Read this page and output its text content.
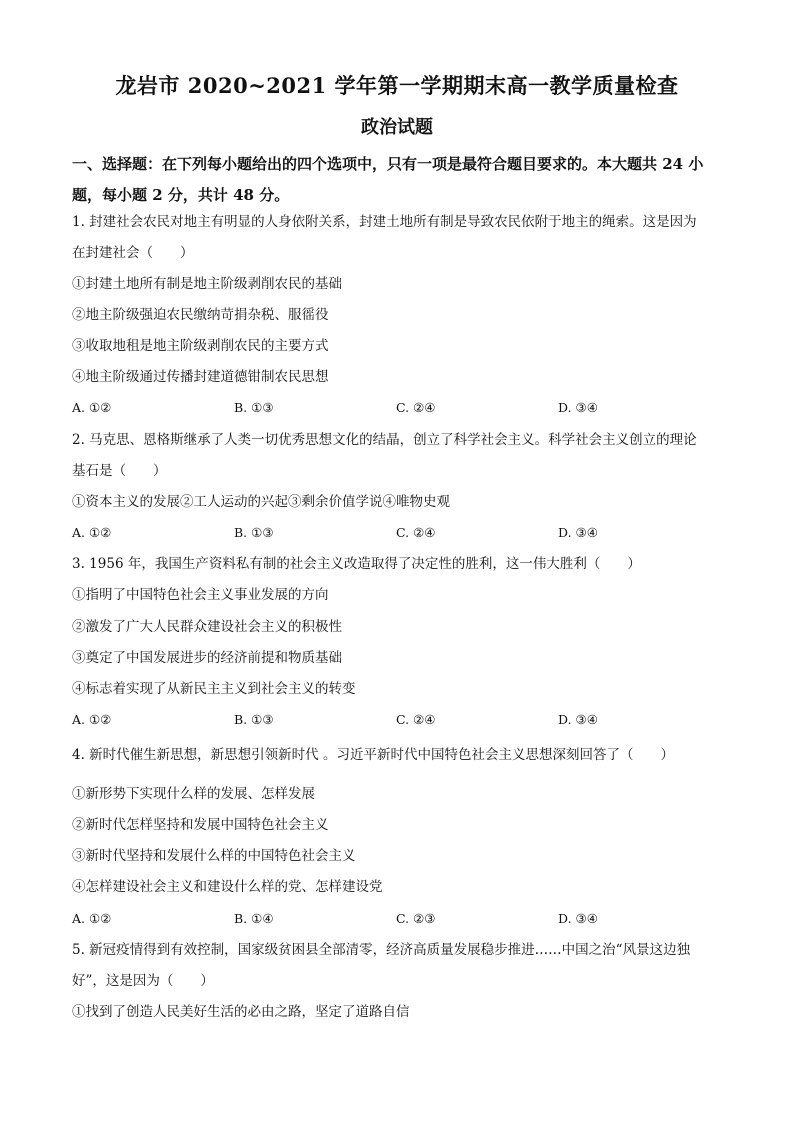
龙岩市 2020~2021 学年第一学期期末高一教学质量检查
政治试题
一、选择题：在下列每小题给出的四个选项中，只有一项是最符合题目要求的。本大题共 24 小题，每小题 2 分，共计 48 分。
1. 封建社会农民对地主有明显的人身依附关系，封建土地所有制是导致农民依附于地主的绳索。这是因为
在封建社会（　　）
①封建土地所有制是地主阶级剥削农民的基础
②地主阶级强迫农民缴纳苛捐杂税、服徭役
③收取地租是地主阶级剥削农民的主要方式
④地主阶级通过传播封建道德钳制农民思想
A. ①②	B. ①③	C. ②④	D. ③④
2. 马克思、恩格斯继承了人类一切优秀思想文化的结晶，创立了科学社会主义。科学社会主义创立的理论
基石是（　　）
①资本主义的发展②工人运动的兴起③剩余价值学说④唯物史观
A. ①②	B. ①③	C. ②④	D. ③④
3. 1956 年，我国生产资料私有制的社会主义改造取得了决定性的胜利，这一伟大胜利（　　）
①指明了中国特色社会主义事业发展的方向
②激发了广大人民群众建设社会主义的积极性
③奠定了中国发展进步的经济前提和物质基础
④标志着实现了从新民主主义到社会主义的转变
A. ①②	B. ①③	C. ②④	D. ③④
4. 新时代催生新思想，新思想引领新时代 。习近平新时代中国特色社会主义思想深刻回答了（　　）
①新形势下实现什么样的发展、怎样发展
②新时代怎样坚持和发展中国特色社会主义
③新时代坚持和发展什么样的中国特色社会主义
④怎样建设社会主义和建设什么样的党、怎样建设党
A. ①②	B. ①④	C. ②③	D. ③④
5. 新冠疫情得到有效控制，国家级贫困县全部清零，经济高质量发展稳步推进……中国之治“风景这边独
好”，这是因为（　　）
①找到了创造人民美好生活的必由之路，坚定了道路自信
